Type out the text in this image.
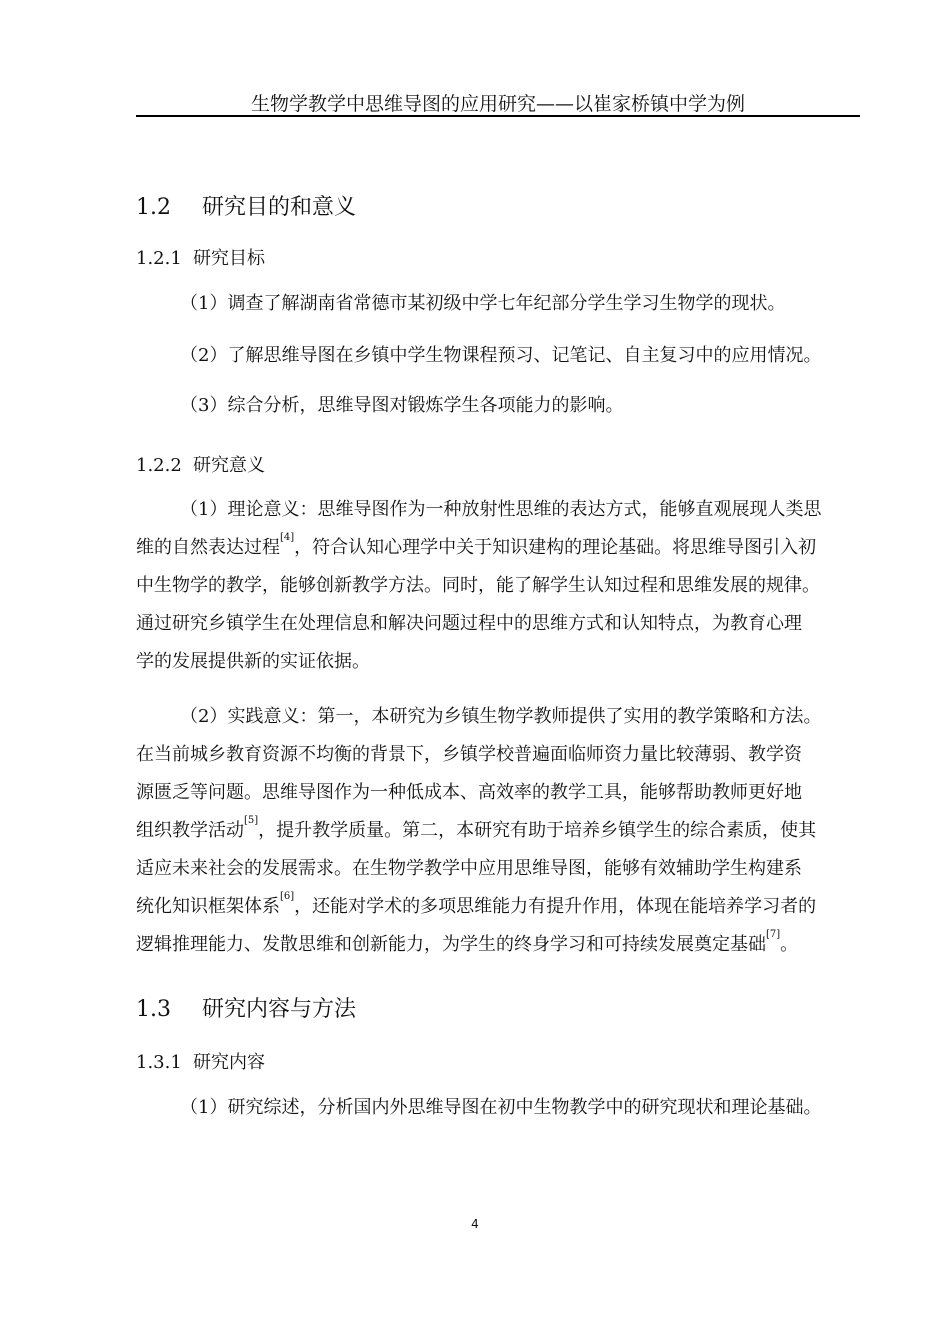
生物学教学中思维导图的应用研究——以崔家桥镇中学为例
1.2 研究目的和意义
1.2.1 研究目标
（1）调查了解湖南省常德市某初级中学七年纪部分学生学习生物学的现状。
（2）了解思维导图在乡镇中学生物课程预习、记笔记、自主复习中的应用情况。
（3）综合分析，思维导图对锻炼学生各项能力的影响。
1.2.2 研究意义
（1）理论意义：思维导图作为一种放射性思维的表达方式，能够直观展现人类思
维的自然表达过程[4]，符合认知心理学中关于知识建构的理论基础。将思维导图引入初
中生物学的教学，能够创新教学方法。同时，能了解学生认知过程和思维发展的规律。
通过研究乡镇学生在处理信息和解决问题过程中的思维方式和认知特点，为教育心理
学的发展提供新的实证依据。
（2）实践意义：第一，本研究为乡镇生物学教师提供了实用的教学策略和方法。
在当前城乡教育资源不均衡的背景下，乡镇学校普遍面临师资力量比较薄弱、教学资
源匮乏等问题。思维导图作为一种低成本、高效率的教学工具，能够帮助教师更好地
组织教学活动[5]，提升教学质量。第二，本研究有助于培养乡镇学生的综合素质，使其
适应未来社会的发展需求。在生物学教学中应用思维导图，能够有效辅助学生构建系
统化知识框架体系[6]，还能对学术的多项思维能力有提升作用，体现在能培养学习者的
逻辑推理能力、发散思维和创新能力，为学生的终身学习和可持续发展奠定基础[7]。
1.3 研究内容与方法
1.3.1 研究内容
（1）研究综述，分析国内外思维导图在初中生物教学中的研究现状和理论基础。
4
